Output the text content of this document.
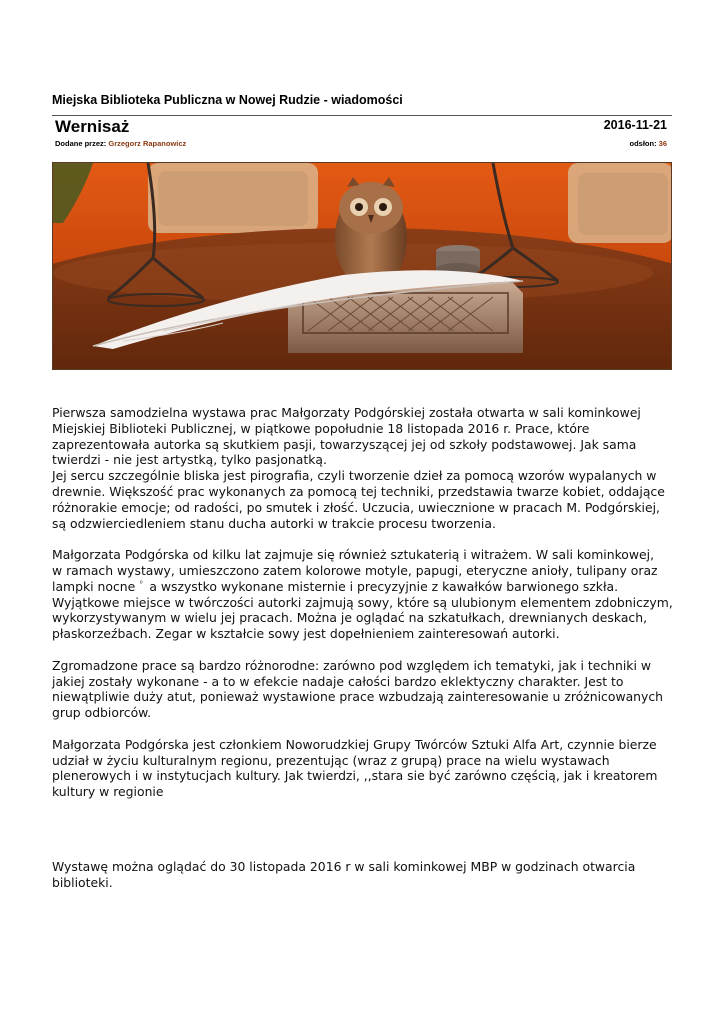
Miejska Biblioteka Publiczna w Nowej Rudzie - wiadomości
Wernisaż	2016-11-21
Dodane przez: Grzegorz Rapanowicz	odsłon: 36

Pierwsza samodzielna wystawa prac Małgorzaty Podgórskiej została otwarta w sali kominkowej
Miejskiej Biblioteki Publicznej, w piątkowe popołudnie 18 listopada 2016 r. Prace, które
zaprezentowała autorka są skutkiem pasji, towarzyszącej jej od szkoły podstawowej. Jak sama
twierdzi - nie jest artystką, tylko pasjonatką.
Jej sercu szczególnie bliska jest pirografia, czyli tworzenie dzieł za pomocą wzorów wypalanych w
drewnie. Większość prac wykonanych za pomocą tej techniki, przedstawia twarze kobiet, oddające
różnorakie emocje; od radości, po smutek i złość. Uczucia, uwiecznione w pracach M. Podgórskiej,
są odzwierciedleniem stanu ducha autorki w trakcie procesu tworzenia.

Małgorzata Podgórska od kilku lat zajmuje się również sztukaterią i witrażem. W sali kominkowej,
w ramach wystawy, umieszczono zatem kolorowe motyle, papugi, eteryczne anioły, tulipany oraz
lampki nocne ﾟ a wszystko wykonane misternie i precyzyjnie z kawałków barwionego szkła.
Wyjątkowe miejsce w twórczości autorki zajmują sowy, które są ulubionym elementem zdobniczym,
wykorzystywanym w wielu jej pracach. Można je oglądać na szkatułkach, drewnianych deskach,
płaskorzeźbach. Zegar w kształcie sowy jest dopełnieniem zainteresowań autorki.

Zgromadzone prace są bardzo różnorodne: zarówno pod względem ich tematyki, jak i techniki w
jakiej zostały wykonane - a to w efekcie nadaje całości bardzo eklektyczny charakter. Jest to
niewątpliwie duży atut, ponieważ wystawione prace wzbudzają zainteresowanie u zróżnicowanych
grup odbiorców.

Małgorzata Podgórska jest członkiem Noworudzkiej Grupy Twórców Sztuki Alfa Art, czynnie bierze
udział w życiu kulturalnym regionu, prezentując (wraz z grupą) prace na wielu wystawach
plenerowych i w instytucjach kultury. Jak twierdzi, ,,stara sie być zarówno częścią, jak i kreatorem
kultury w regionieﾠ

Wystawę można oglądać do 30 listopada 2016 r w sali kominkowej MBP w godzinach otwarcia
biblioteki.
